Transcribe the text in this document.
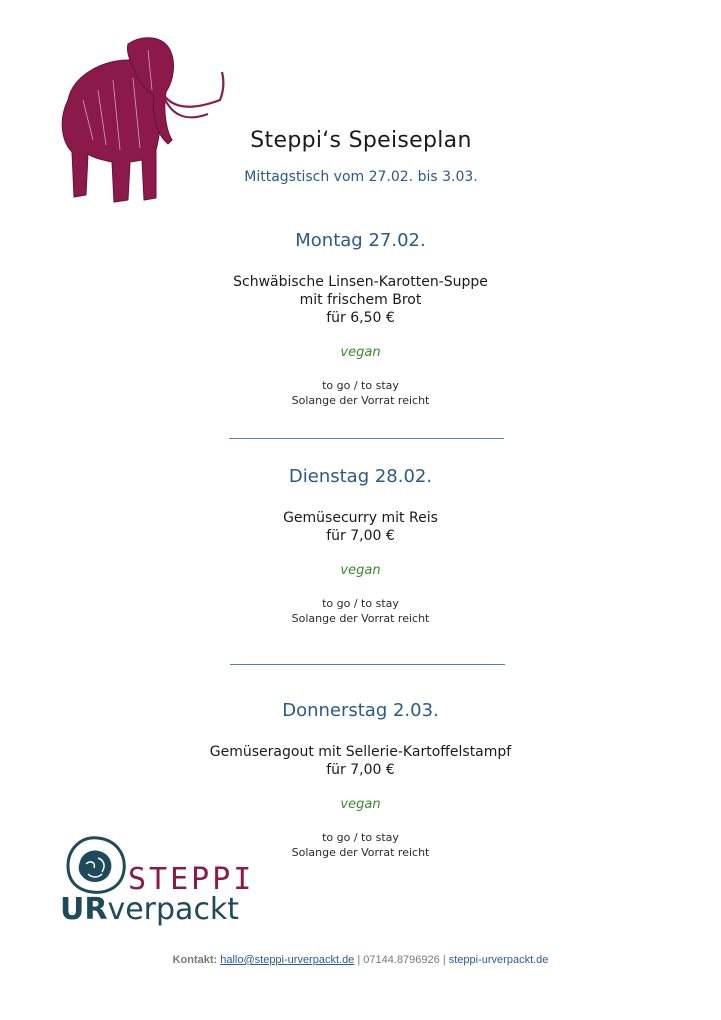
Steppi‘s Speiseplan
Mittagstisch vom 27.02. bis 3.03.
Montag 27.02.
Schwäbische Linsen-Karotten-Suppe
mit frischem Brot
für 6,50 €
vegan
to go / to stay
Solange der Vorrat reicht
Dienstag 28.02.
Gemüsecurry mit Reis
für 7,00 €
vegan
to go / to stay
Solange der Vorrat reicht
Donnerstag 2.03.
Gemüseragout mit Sellerie-Kartoffelstampf
für 7,00 €
vegan
to go / to stay
Solange der Vorrat reicht
STEPPI
URverpackt
Kontakt: hallo@steppi-urverpackt.de | 07144.8796926 | steppi-urverpackt.de
